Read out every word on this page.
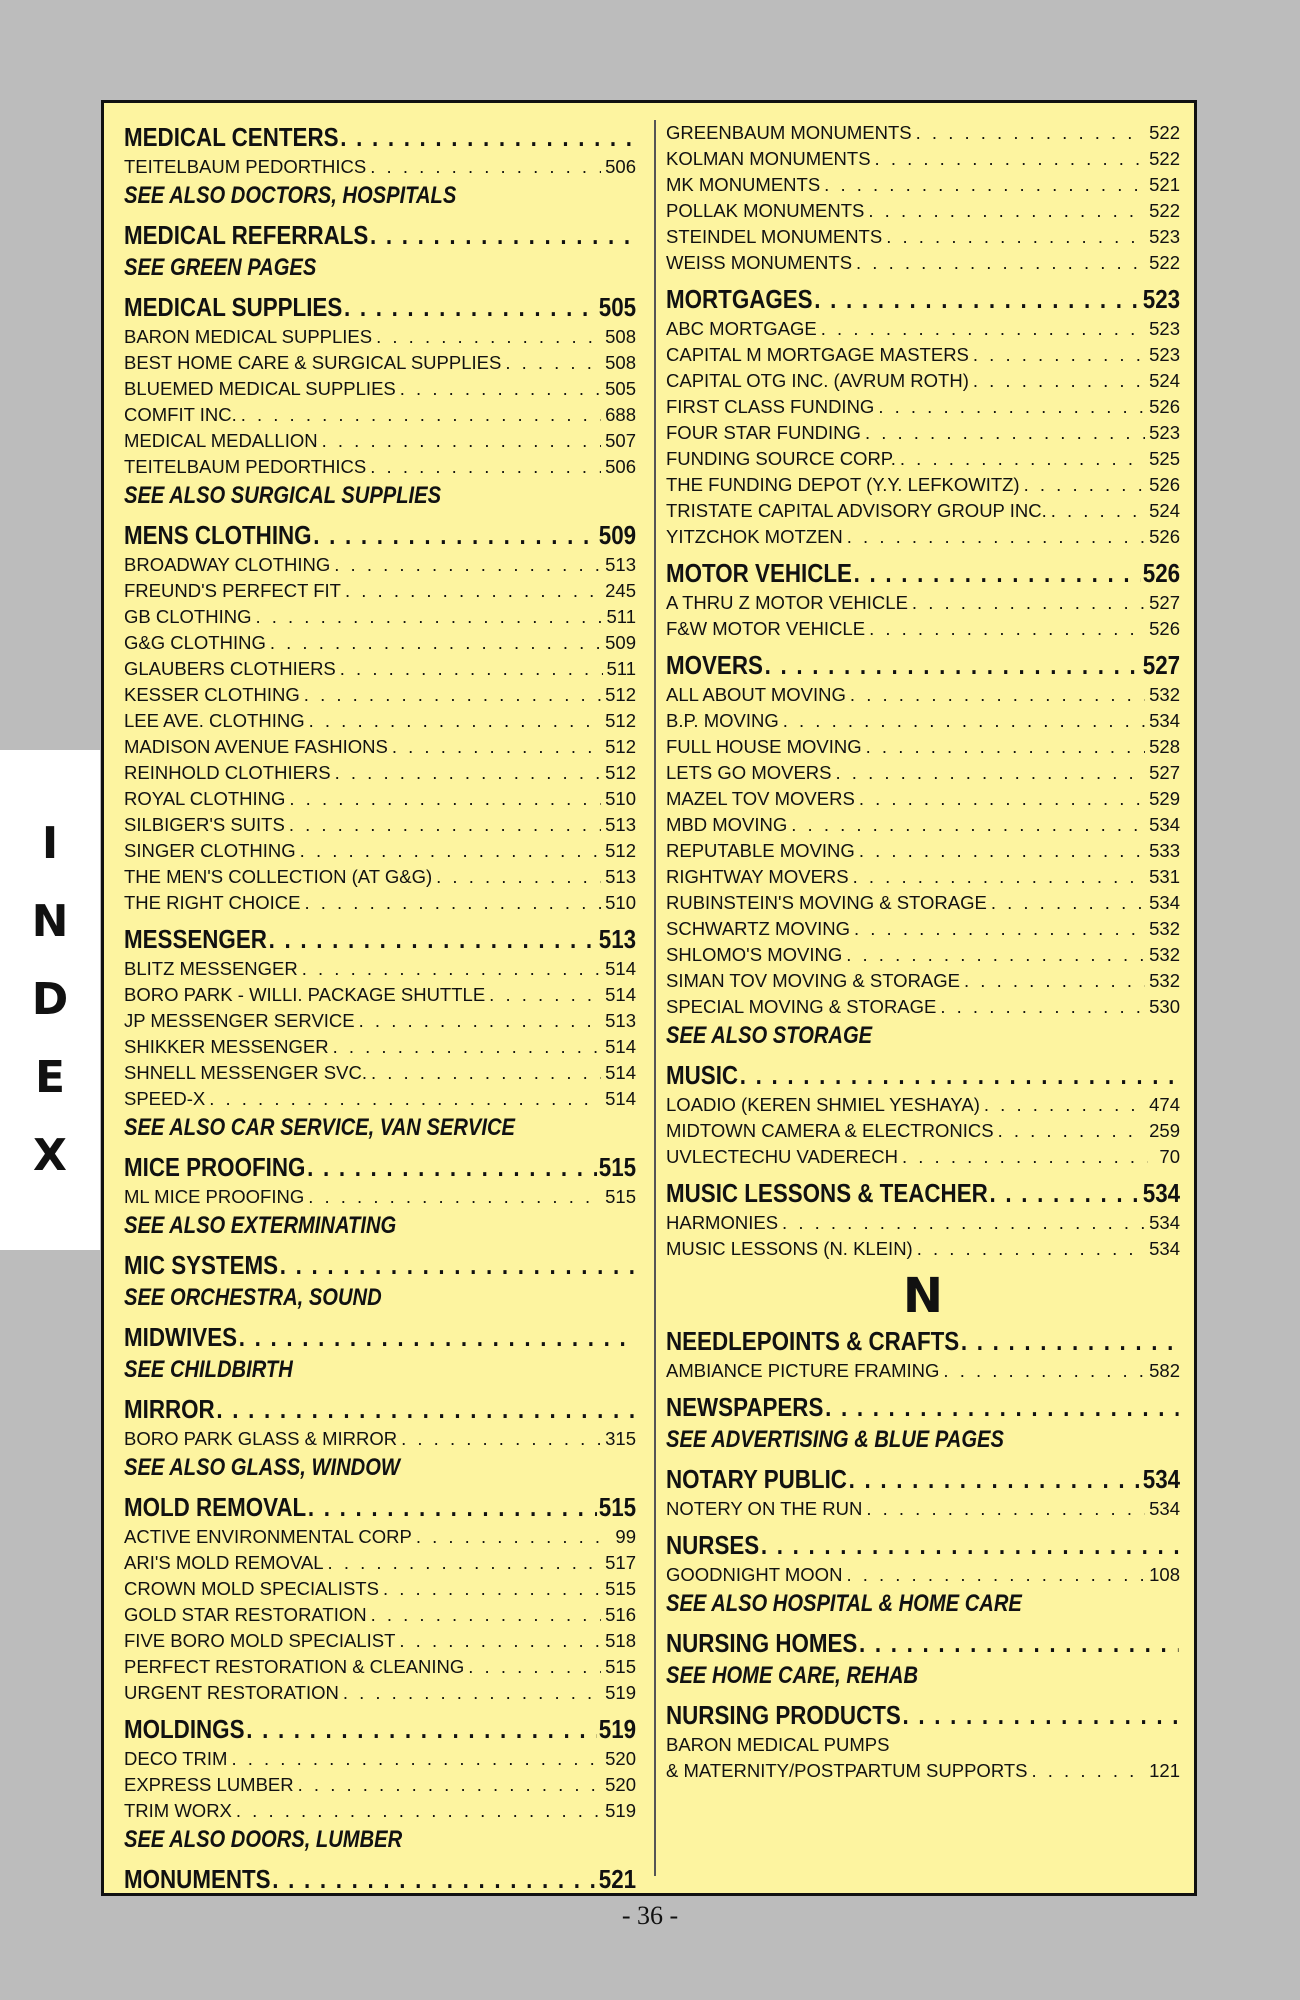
I
N
D
E
X
MEDICAL CENTERS
. . .
TEITELBAUM PEDORTHICS . . .	506
SEE ALSO DOCTORS, HOSPITALS
MEDICAL REFERRALS
. . .
SEE GREEN PAGES
MEDICAL SUPPLIES . . .	505
BARON MEDICAL SUPPLIES . . .	508
BEST HOME CARE & SURGICAL SUPPLIES . . .	508
BLUEMED MEDICAL SUPPLIES . . .	505
COMFIT INC. . . .	688
MEDICAL MEDALLION . . .	507
TEITELBAUM PEDORTHICS . . .	506
SEE ALSO SURGICAL SUPPLIES
MENS CLOTHING . . .	509
BROADWAY CLOTHING . . .	513
FREUND'S PERFECT FIT . . .	245
GB CLOTHING . . .	511
G&G CLOTHING . . .	509
GLAUBERS CLOTHIERS . . .	511
KESSER CLOTHING . . .	512
LEE AVE. CLOTHING . . .	512
MADISON AVENUE FASHIONS . . .	512
REINHOLD CLOTHIERS . . .	512
ROYAL CLOTHING . . .	510
SILBIGER'S SUITS . . .	513
SINGER CLOTHING . . .	512
THE MEN'S COLLECTION (AT G&G) . . .	513
THE RIGHT CHOICE . . .	510
MESSENGER . . .	513
BLITZ MESSENGER . . .	514
BORO PARK - WILLI. PACKAGE SHUTTLE . . .	514
JP MESSENGER SERVICE . . .	513
SHIKKER MESSENGER . . .	514
SHNELL MESSENGER SVC. . . .	514
SPEED-X . . .	514
SEE ALSO CAR SERVICE, VAN SERVICE
MICE PROOFING . . .	515
ML MICE PROOFING . . .	515
SEE ALSO EXTERMINATING
MIC SYSTEMS
. . .
SEE ORCHESTRA, SOUND
MIDWIVES
. . .
SEE CHILDBIRTH
MIRROR
. . .
BORO PARK GLASS & MIRROR . . .	315
SEE ALSO GLASS, WINDOW
MOLD REMOVAL . . .	515
ACTIVE ENVIRONMENTAL CORP . . .	99
ARI'S MOLD REMOVAL . . .	517
CROWN MOLD SPECIALISTS . . .	515
GOLD STAR RESTORATION . . .	516
FIVE BORO MOLD SPECIALIST . . .	518
PERFECT RESTORATION & CLEANING . . .	515
URGENT RESTORATION . . .	519
MOLDINGS . . .	519
DECO TRIM . . .	520
EXPRESS LUMBER . . .	520
TRIM WORX . . .	519
SEE ALSO DOORS, LUMBER
MONUMENTS . . .	521
GREENBAUM MONUMENTS . . .	522
KOLMAN MONUMENTS . . .	522
MK MONUMENTS . . .	521
POLLAK MONUMENTS . . .	522
STEINDEL MONUMENTS . . .	523
WEISS MONUMENTS . . .	522
MORTGAGES . . .	523
ABC MORTGAGE . . .	523
CAPITAL M MORTGAGE MASTERS . . .	523
CAPITAL OTG INC. (AVRUM ROTH) . . .	524
FIRST CLASS FUNDING . . .	526
FOUR STAR FUNDING . . .	523
FUNDING SOURCE CORP. . . .	525
THE FUNDING DEPOT (Y.Y. LEFKOWITZ) . . .	526
TRISTATE CAPITAL ADVISORY GROUP INC. . . .	524
YITZCHOK MOTZEN . . .	526
MOTOR VEHICLE . . .	526
A THRU Z MOTOR VEHICLE . . .	527
F&W MOTOR VEHICLE . . .	526
MOVERS . . .	527
ALL ABOUT MOVING . . .	532
B.P. MOVING . . .	534
FULL HOUSE MOVING . . .	528
LETS GO MOVERS . . .	527
MAZEL TOV MOVERS . . .	529
MBD MOVING . . .	534
REPUTABLE MOVING . . .	533
RIGHTWAY MOVERS . . .	531
RUBINSTEIN'S MOVING & STORAGE . . .	534
SCHWARTZ MOVING . . .	532
SHLOMO'S MOVING . . .	532
SIMAN TOV MOVING & STORAGE . . .	532
SPECIAL MOVING & STORAGE . . .	530
SEE ALSO STORAGE
MUSIC
. . .
LOADIO (KEREN SHMIEL YESHAYA) . . .	474
MIDTOWN CAMERA & ELECTRONICS . . .	259
UVLECTECHU VADERECH . . .	70
MUSIC LESSONS & TEACHER . . .	534
HARMONIES . . .	534
MUSIC LESSONS (N. KLEIN) . . .	534
N
NEEDLEPOINTS & CRAFTS
. . .
AMBIANCE PICTURE FRAMING . . .	582
NEWSPAPERS
. . .
SEE ADVERTISING & BLUE PAGES
NOTARY PUBLIC . . .	534
NOTERY ON THE RUN . . .	534
NURSES
. . .
GOODNIGHT MOON . . .	108
SEE ALSO HOSPITAL & HOME CARE
NURSING HOMES
. . .
SEE HOME CARE, REHAB
NURSING PRODUCTS
. . .
BARON MEDICAL PUMPS
& MATERNITY/POSTPARTUM SUPPORTS . . .	121
- 36 -
